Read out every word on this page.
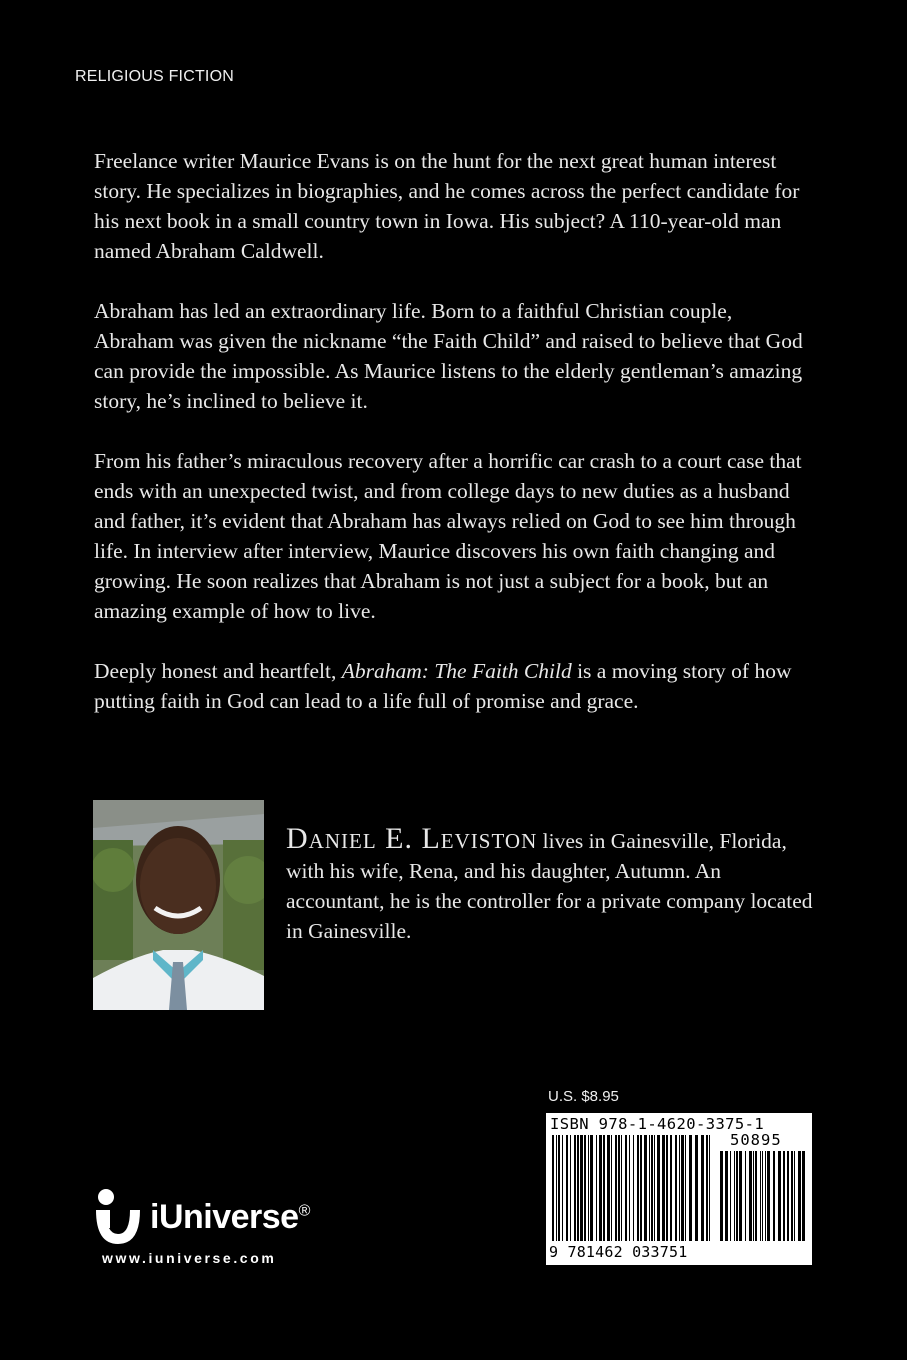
RELIGIOUS FICTION

Freelance writer Maurice Evans is on the hunt for the next great human interest story. He specializes in biographies, and he comes across the perfect candidate for his next book in a small country town in Iowa. His subject? A 110-year-old man named Abraham Caldwell.

Abraham has led an extraordinary life. Born to a faithful Christian couple, Abraham was given the nickname “the Faith Child” and raised to believe that God can provide the impossible. As Maurice listens to the elderly gentleman’s amazing story, he’s inclined to believe it.

From his father’s miraculous recovery after a horrific car crash to a court case that ends with an unexpected twist, and from college days to new duties as a husband and father, it’s evident that Abraham has always relied on God to see him through life. In interview after interview, Maurice discovers his own faith changing and growing. He soon realizes that Abraham is not just a subject for a book, but an amazing example of how to live.

Deeply honest and heartfelt, Abraham: The Faith Child is a moving story of how putting faith in God can lead to a life full of promise and grace.

Daniel E. Leviston lives in Gainesville, Florida, with his wife, Rena, and his daughter, Autumn. An accountant, he is the controller for a private company located in Gainesville.
U.S. $8.95
ISBN 978-1-4620-3375-1
50895
9 781462 033751
iUniverse®
www.iuniverse.com
